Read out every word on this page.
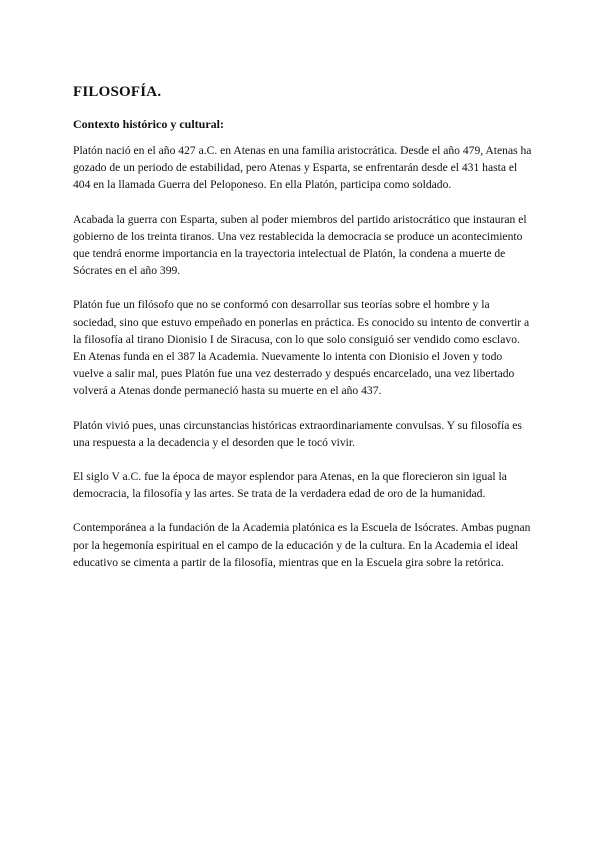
FILOSOFÍA.
Contexto histórico y cultural:

Platón nació en el año 427 a.C. en Atenas en una familia aristocrática. Desde el año 479, Atenas ha gozado de un periodo de estabilidad, pero Atenas y Esparta, se enfrentarán desde el 431 hasta el 404 en la llamada Guerra del Peloponeso. En ella Platón, participa como soldado.

Acabada la guerra con Esparta, suben al poder miembros del partido aristocrático que instauran el gobierno de los treinta tiranos. Una vez restablecida la democracia se produce un acontecimiento que tendrá enorme importancia en la trayectoria intelectual de Platón, la condena a muerte de Sócrates en el año 399.

Platón fue un filósofo que no se conformó con desarrollar sus teorías sobre el hombre y la sociedad, sino que estuvo empeñado en ponerlas en práctica. Es conocido su intento de convertir a la filosofía al tirano Dionisio I de Siracusa, con lo que solo consiguió ser vendido como esclavo. En Atenas funda en el 387 la Academia. Nuevamente lo intenta con Dionisio el Joven y todo vuelve a salir mal, pues Platón fue una vez desterrado y después encarcelado, una vez libertado volverá a Atenas donde permaneció hasta su muerte en el año 437.

Platón vivió pues, unas circunstancias históricas extraordinariamente convulsas. Y su filosofía es una respuesta a la decadencia y el desorden que le tocó vivir.

El siglo V a.C. fue la época de mayor esplendor para Atenas, en la que florecieron sin igual la democracia, la filosofía y las artes. Se trata de la verdadera edad de oro de la humanidad.

Contemporánea a la fundación de la Academia platónica es la Escuela de Isócrates. Ambas pugnan por la hegemonía espiritual en el campo de la educación y de la cultura. En la Academia el ideal educativo se cimenta a partir de la filosofía, mientras que en la Escuela gira sobre la retórica.
